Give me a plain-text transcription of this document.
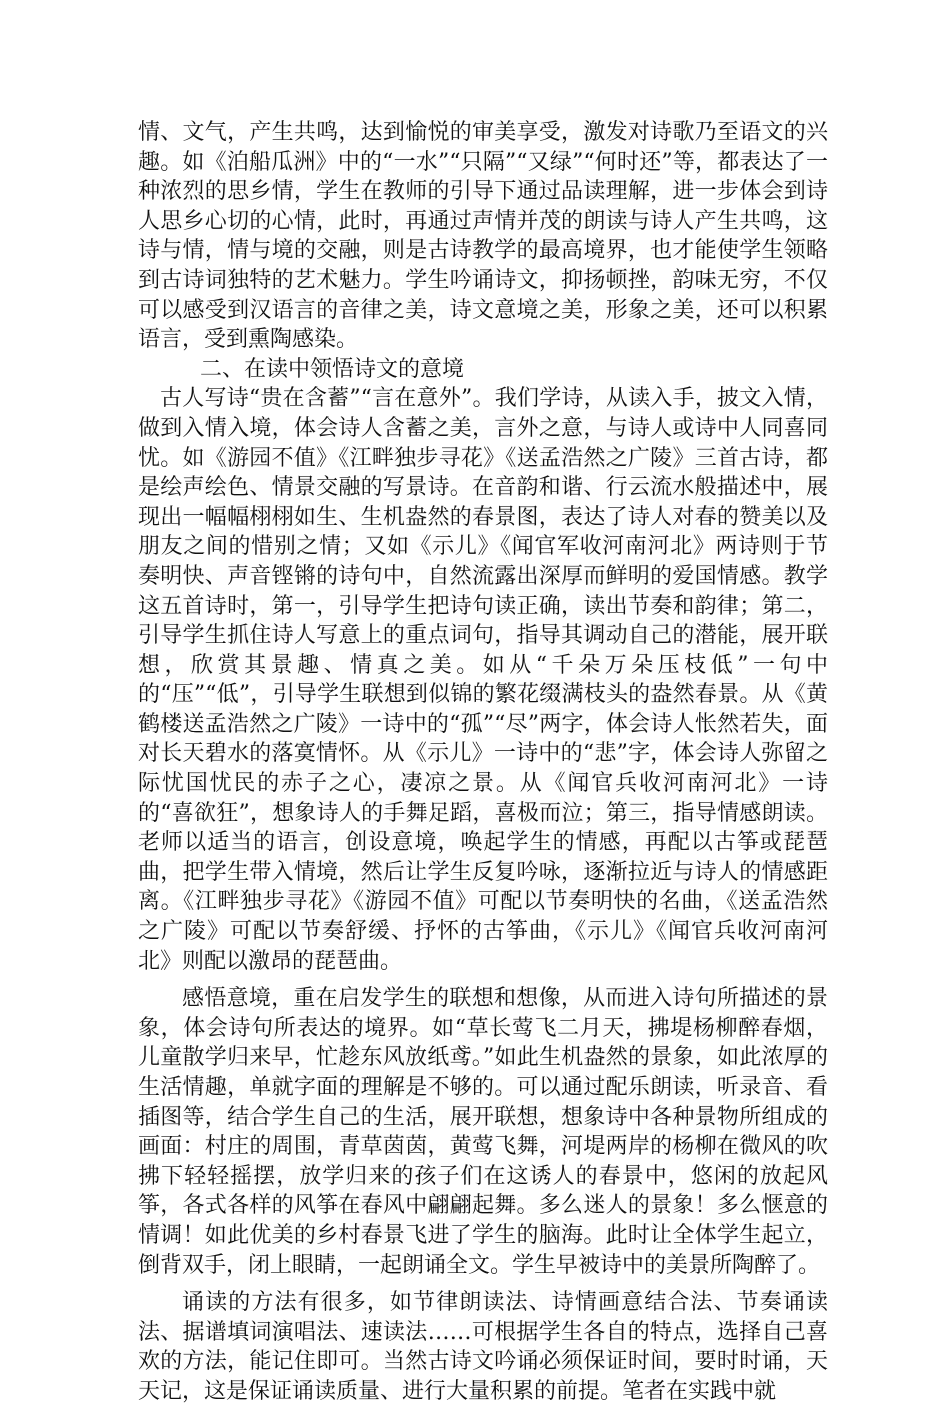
情、文气，产生共鸣，达到愉悦的审美享受，激发对诗歌乃至语文的兴趣。如《泊船瓜洲》中的“一水”“只隔”“又绿”“何时还”等，都表达了一种浓烈的思乡情，学生在教师的引导下通过品读理解，进一步体会到诗人思乡心切的心情，此时，再通过声情并茂的朗读与诗人产生共鸣，这诗与情，情与境的交融，则是古诗教学的最高境界，也才能使学生领略到古诗词独特的艺术魅力。学生吟诵诗文，抑扬顿挫，韵味无穷，不仅可以感受到汉语言的音律之美，诗文意境之美，形象之美，还可以积累语言，受到熏陶感染。

二、在读中领悟诗文的意境

古人写诗“贵在含蓄”“言在意外”。我们学诗，从读入手，披文入情，做到入情入境，体会诗人含蓄之美，言外之意，与诗人或诗中人同喜同忧。如《游园不值》《江畔独步寻花》《送孟浩然之广陵》三首古诗，都是绘声绘色、情景交融的写景诗。在音韵和谐、行云流水般描述中，展现出一幅幅栩栩如生、生机盎然的春景图，表达了诗人对春的赞美以及朋友之间的惜别之情；又如《示儿》《闻官军收河南河北》两诗则于节奏明快、声音铿锵的诗句中，自然流露出深厚而鲜明的爱国情感。教学这五首诗时，第一，引导学生把诗句读正确，读出节奏和韵律；第二，引导学生抓住诗人写意上的重点词句，指导其调动自己的潜能，展开联想，欣赏其景趣、情真之美。如从“千朵万朵压枝低”一句中的“压”“低”，引导学生联想到似锦的繁花缀满枝头的盎然春景。从《黄鹤楼送孟浩然之广陵》一诗中的“孤”“尽”两字，体会诗人怅然若失，面对长天碧水的落寞情怀。从《示儿》一诗中的“悲”字，体会诗人弥留之际忧国忧民的赤子之心，凄凉之景。从《闻官兵收河南河北》一诗的“喜欲狂”，想象诗人的手舞足蹈，喜极而泣；第三，指导情感朗读。老师以适当的语言，创设意境，唤起学生的情感，再配以古筝或琵琶曲，把学生带入情境，然后让学生反复吟咏，逐渐拉近与诗人的情感距离。《江畔独步寻花》《游园不值》可配以节奏明快的名曲，《送孟浩然之广陵》可配以节奏舒缓、抒怀的古筝曲，《示儿》《闻官兵收河南河北》则配以激昂的琵琶曲。

感悟意境，重在启发学生的联想和想像，从而进入诗句所描述的景象，体会诗句所表达的境界。如“草长莺飞二月天，拂堤杨柳醉春烟，儿童散学归来早，忙趁东风放纸鸢。”如此生机盎然的景象，如此浓厚的生活情趣，单就字面的理解是不够的。可以通过配乐朗读，听录音、看插图等，结合学生自己的生活，展开联想，想象诗中各种景物所组成的画面：村庄的周围，青草茵茵，黄莺飞舞，河堤两岸的杨柳在微风的吹拂下轻轻摇摆，放学归来的孩子们在这诱人的春景中，悠闲的放起风筝，各式各样的风筝在春风中翩翩起舞。多么迷人的景象！多么惬意的情调！如此优美的乡村春景飞进了学生的脑海。此时让全体学生起立，倒背双手，闭上眼睛，一起朗诵全文。学生早被诗中的美景所陶醉了。

诵读的方法有很多，如节律朗读法、诗情画意结合法、节奏诵读法、据谱填词演唱法、速读法……可根据学生各自的特点，选择自己喜欢的方法，能记住即可。当然古诗文吟诵必须保证时间，要时时诵，天天记，这是保证诵读质量、进行大量积累的前提。笔者在实践中就
